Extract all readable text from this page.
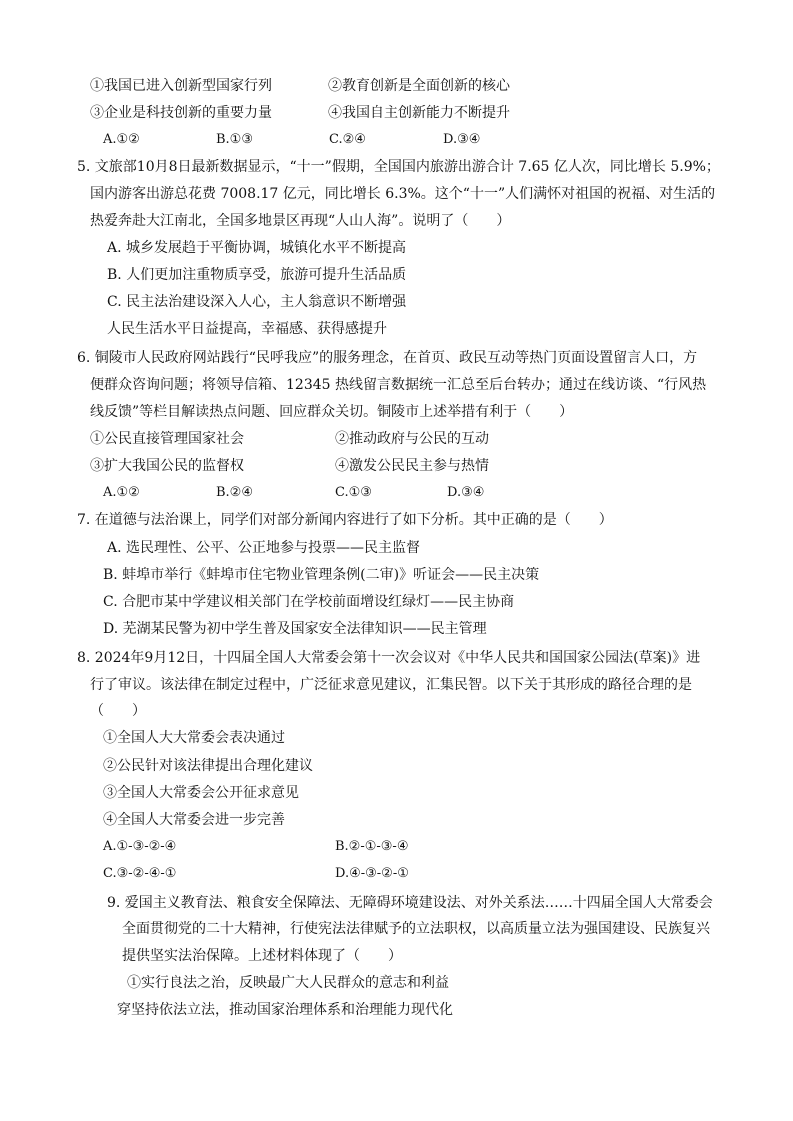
①我国已进入创新型国家行列	②教育创新是全面创新的核心
③企业是科技创新的重要力量	④我国自主创新能力不断提升
A.①②	B.①③	C.②④	D.③④
5. 文旅部10月8日最新数据显示，“十一”假期，全国国内旅游出游合计 7.65 亿人次，同比增长 5.9%；
国内游客出游总花费 7008.17 亿元，同比增长 6.3%。这个“十一”人们满怀对祖国的祝福、对生活的
热爱奔赴大江南北，全国多地景区再现“人山人海”。说明了（　　）
A. 城乡发展趋于平衡协调，城镇化水平不断提高
B. 人们更加注重物质享受，旅游可提升生活品质
C. 民主法治建设深入人心，主人翁意识不断增强
人民生活水平日益提高，幸福感、获得感提升
6. 铜陵市人民政府网站践行“民呼我应”的服务理念，在首页、政民互动等热门页面设置留言人口，方
便群众咨询问题；将领导信箱、12345 热线留言数据统一汇总至后台转办；通过在线访谈、“行风热
线反馈”等栏目解读热点问题、回应群众关切。铜陵市上述举措有利于（　　）
①公民直接管理国家社会	②推动政府与公民的互动
③扩大我国公民的监督权	④激发公民民主参与热情
A.①②	B.②④	C.①③	D.③④
7. 在道德与法治课上，同学们对部分新闻内容进行了如下分析。其中正确的是（　　）
A. 选民理性、公平、公正地参与投票——民主监督
B. 蚌埠市举行《蚌埠市住宅物业管理条例(二审)》听证会——民主决策
C. 合肥市某中学建议相关部门在学校前面增设红绿灯——民主协商
D. 芜湖某民警为初中学生普及国家安全法律知识——民主管理
8. 2024年9月12日，十四届全国人大常委会第十一次会议对《中华人民共和国国家公园法(草案)》进
行了审议。该法律在制定过程中，广泛征求意见建议，汇集民智。以下关于其形成的路径合理的是
（　　）
①全国人大大常委会表决通过
②公民针对该法律提出合理化建议
③全国人大常委会公开征求意见
④全国人大常委会进一步完善
A.①-③-②-④	B.②-①-③-④
C.③-②-④-①	D.④-③-②-①
9. 爱国主义教育法、粮食安全保障法、无障碍环境建设法、对外关系法……十四届全国人大常委会
全面贯彻党的二十大精神，行使宪法法律赋予的立法职权，以高质量立法为强国建设、民族复兴
提供坚实法治保障。上述材料体现了（　　）
①实行良法之治，反映最广大人民群众的意志和利益
穿坚持依法立法，推动国家治理体系和治理能力现代化
